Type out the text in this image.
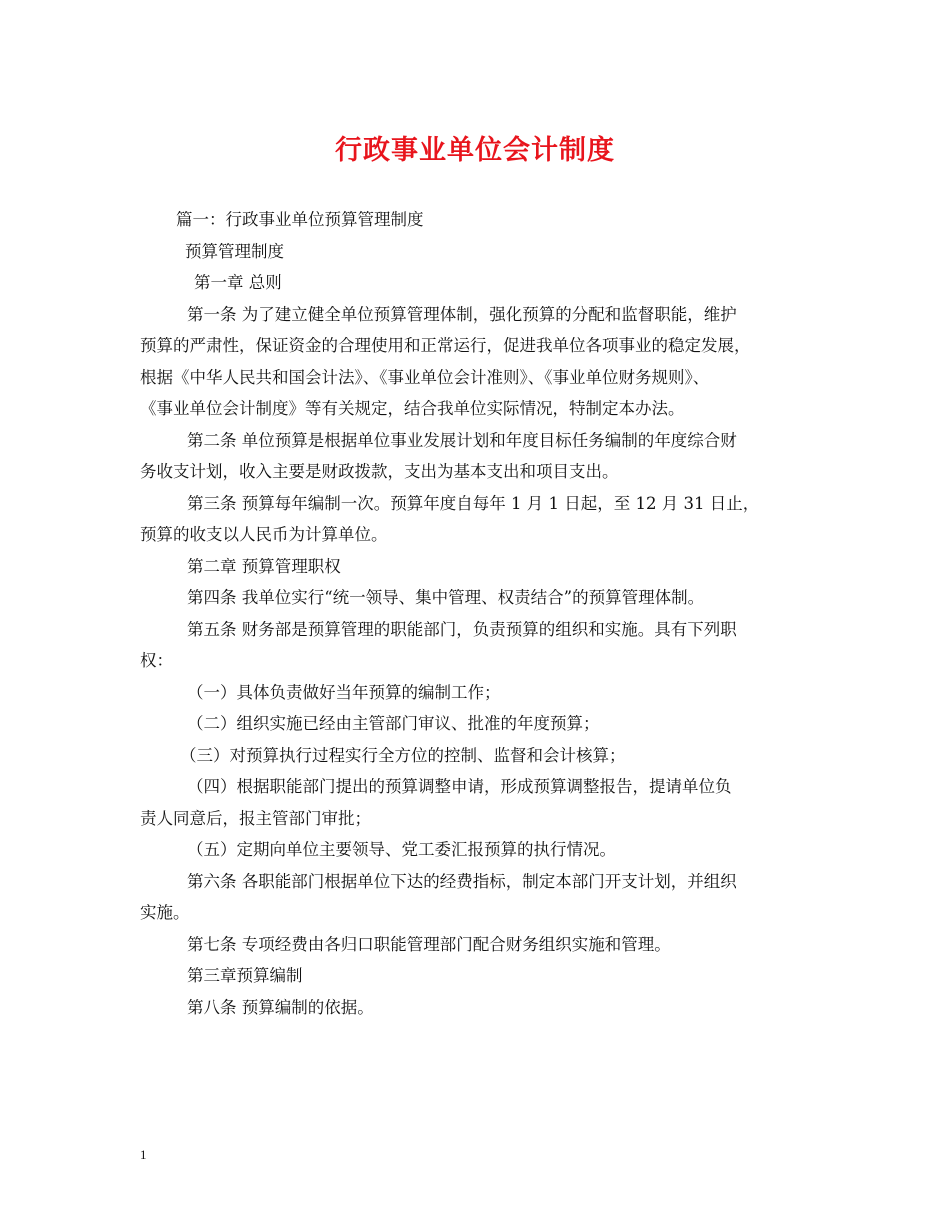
行政事业单位会计制度

篇一：行政事业单位预算管理制度

预算管理制度

第一章 总则

第一条 为了建立健全单位预算管理体制，强化预算的分配和监督职能，维护

预算的严肃性，保证资金的合理使用和正常运行，促进我单位各项事业的稳定发展，

根据《中华人民共和国会计法》、《事业单位会计准则》、《事业单位财务规则》、

《事业单位会计制度》等有关规定，结合我单位实际情况，特制定本办法。

第二条 单位预算是根据单位事业发展计划和年度目标任务编制的年度综合财

务收支计划，收入主要是财政拨款，支出为基本支出和项目支出。

第三条 预算每年编制一次。预算年度自每年 1 月 1 日起，至 12 月 31 日止，

预算的收支以人民币为计算单位。

第二章 预算管理职权

第四条 我单位实行“统一领导、集中管理、权责结合”的预算管理体制。

第五条 财务部是预算管理的职能部门，负责预算的组织和实施。具有下列职

权：

（一）具体负责做好当年预算的编制工作；

（二）组织实施已经由主管部门审议、批准的年度预算；

（三）对预算执行过程实行全方位的控制、监督和会计核算；

（四）根据职能部门提出的预算调整申请，形成预算调整报告，提请单位负

责人同意后，报主管部门审批；

（五）定期向单位主要领导、党工委汇报预算的执行情况。

第六条 各职能部门根据单位下达的经费指标，制定本部门开支计划，并组织

实施。

第七条 专项经费由各归口职能管理部门配合财务组织实施和管理。

第三章预算编制

第八条 预算编制的依据。

1
